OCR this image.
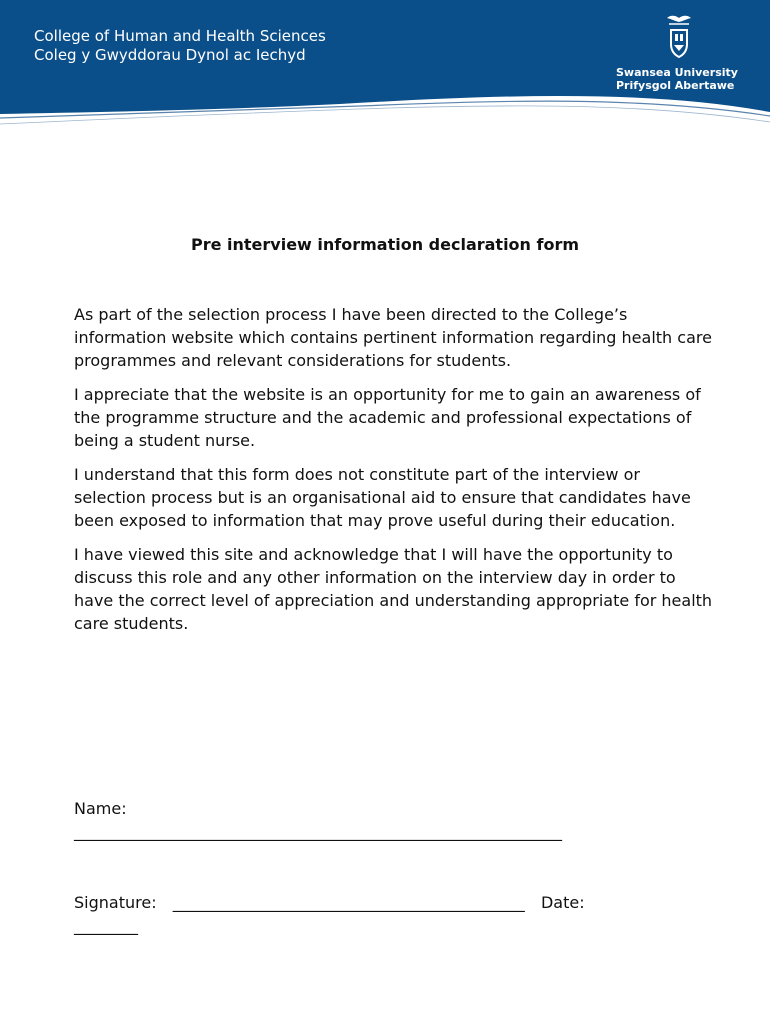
College of Human and Health Sciences
Coleg y Gwyddorau Dynol ac Iechyd
Swansea University
Prifysgol Abertawe
Pre interview information declaration form

As part of the selection process I have been directed to the College’s information website which contains pertinent information regarding health care programmes and relevant considerations for students.

I appreciate that the website is an opportunity for me to gain an awareness of the programme structure and the academic and professional expectations of being a student nurse.

I understand that this form does not constitute part of the interview or selection process but is an organisational aid to ensure that candidates have been exposed to information that may prove useful during their education.

I have viewed this site and acknowledge that I will have the opportunity to discuss this role and any other information on the interview day in order to have the correct level of appreciation and understanding appropriate for health care students.

Name:
_____________________________________________________________
Signature: ____________________________________________ Date:
________
